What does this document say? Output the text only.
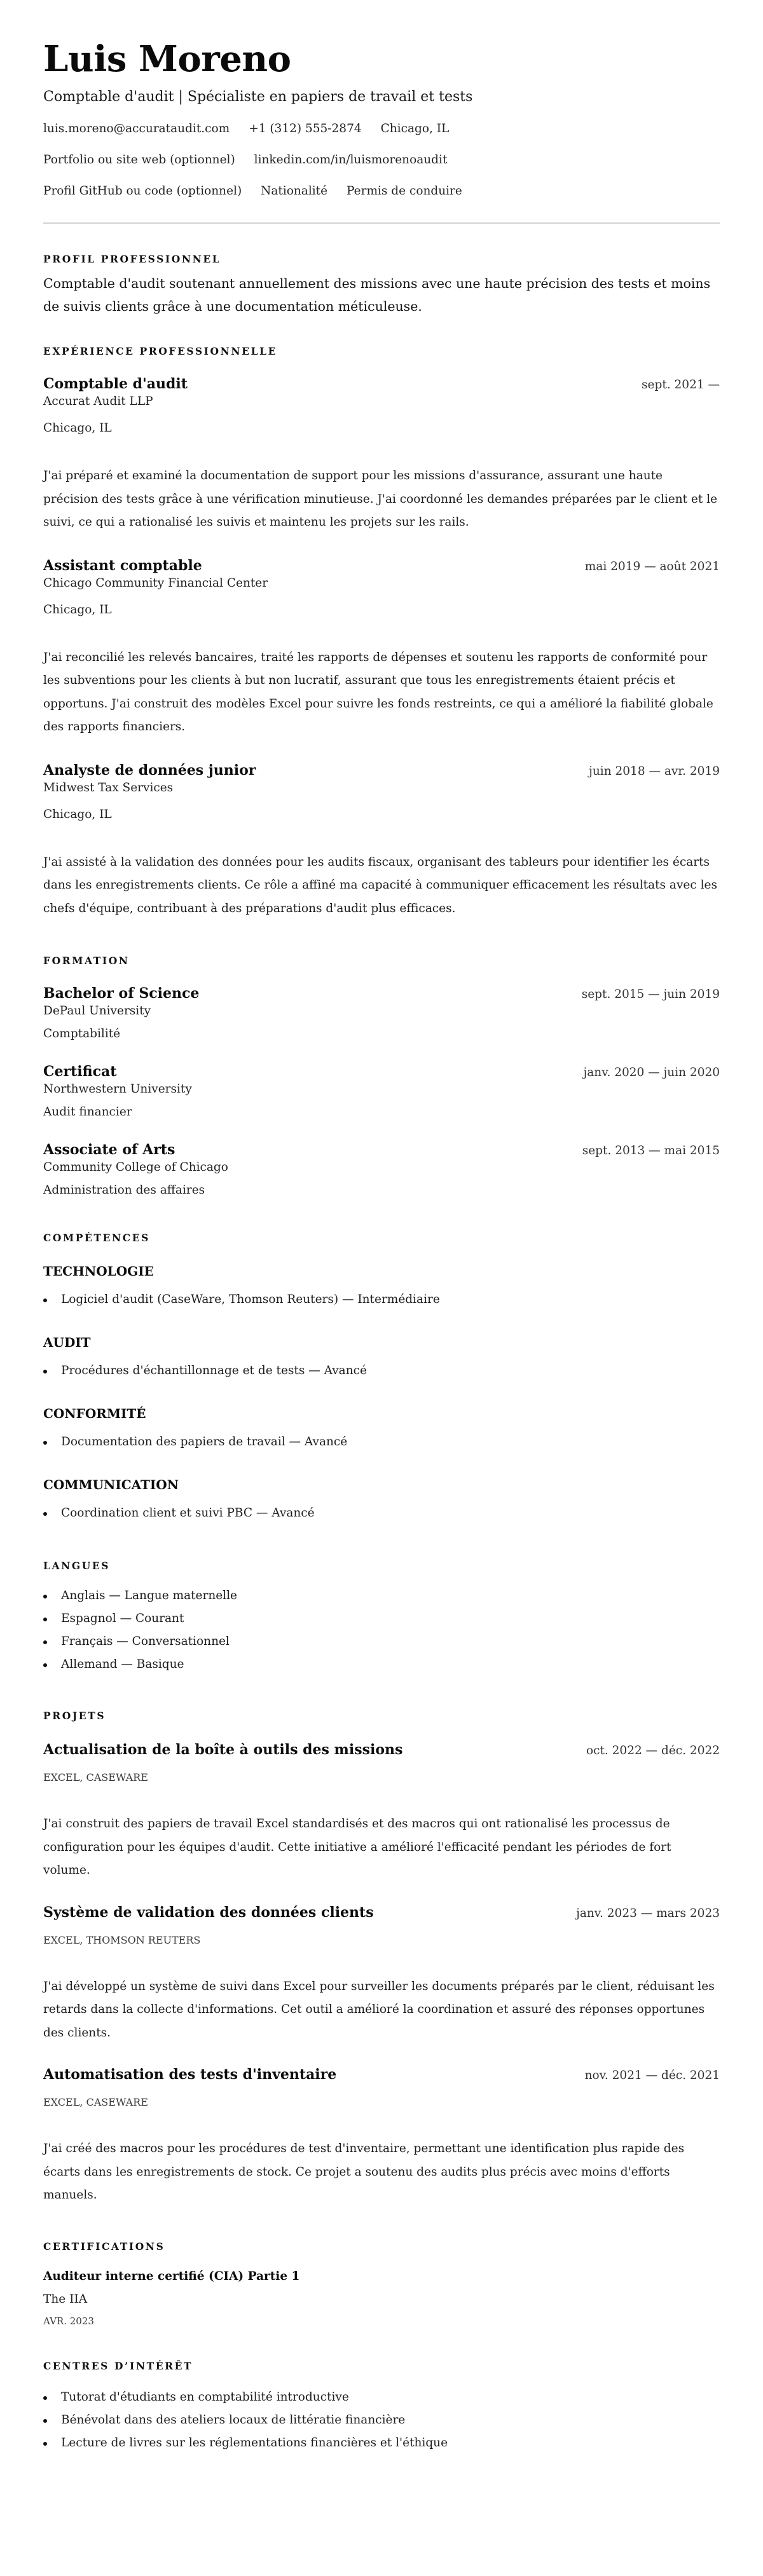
Luis Moreno
Comptable d'audit | Spécialiste en papiers de travail et tests
luis.moreno@accurataudit.com +1 (312) 555-2874 Chicago, IL
Portfolio ou site web (optionnel) linkedin.com/in/luismorenoaudit
Profil GitHub ou code (optionnel) Nationalité Permis de conduire
PROFIL PROFESSIONNEL

Comptable d'audit soutenant annuellement des missions avec une haute précision des tests et moins de suivis clients grâce à une documentation méticuleuse.

EXPÉRIENCE PROFESSIONNELLE
Comptable d'audit	sept. 2021 —
Accurat Audit LLP
Chicago, IL

J'ai préparé et examiné la documentation de support pour les missions d'assurance, assurant une haute précision des tests grâce à une vérification minutieuse. J'ai coordonné les demandes préparées par le client et le suivi, ce qui a rationalisé les suivis et maintenu les projets sur les rails.

Assistant comptable	mai 2019 — août 2021
Chicago Community Financial Center
Chicago, IL

J'ai reconcilié les relevés bancaires, traité les rapports de dépenses et soutenu les rapports de conformité pour les subventions pour les clients à but non lucratif, assurant que tous les enregistrements étaient précis et opportuns. J'ai construit des modèles Excel pour suivre les fonds restreints, ce qui a amélioré la fiabilité globale des rapports financiers.

Analyste de données junior	juin 2018 — avr. 2019
Midwest Tax Services
Chicago, IL

J'ai assisté à la validation des données pour les audits fiscaux, organisant des tableurs pour identifier les écarts dans les enregistrements clients. Ce rôle a affiné ma capacité à communiquer efficacement les résultats avec les chefs d'équipe, contribuant à des préparations d'audit plus efficaces.

FORMATION
Bachelor of Science	sept. 2015 — juin 2019
DePaul University
Comptabilité
Certificat	janv. 2020 — juin 2020
Northwestern University
Audit financier
Associate of Arts	sept. 2013 — mai 2015
Community College of Chicago
Administration des affaires
COMPÉTENCES
TECHNOLOGIE
Logiciel d'audit (CaseWare, Thomson Reuters) — Intermédiaire
AUDIT
Procédures d'échantillonnage et de tests — Avancé
CONFORMITÉ
Documentation des papiers de travail — Avancé
COMMUNICATION
Coordination client et suivi PBC — Avancé
LANGUES
Anglais — Langue maternelle
Espagnol — Courant
Français — Conversationnel
Allemand — Basique
PROJETS
Actualisation de la boîte à outils des missions	oct. 2022 — déc. 2022
EXCEL, CASEWARE

J'ai construit des papiers de travail Excel standardisés et des macros qui ont rationalisé les processus de configuration pour les équipes d'audit. Cette initiative a amélioré l'efficacité pendant les périodes de fort volume.

Système de validation des données clients	janv. 2023 — mars 2023
EXCEL, THOMSON REUTERS

J'ai développé un système de suivi dans Excel pour surveiller les documents préparés par le client, réduisant les retards dans la collecte d'informations. Cet outil a amélioré la coordination et assuré des réponses opportunes des clients.

Automatisation des tests d'inventaire	nov. 2021 — déc. 2021
EXCEL, CASEWARE

J'ai créé des macros pour les procédures de test d'inventaire, permettant une identification plus rapide des écarts dans les enregistrements de stock. Ce projet a soutenu des audits plus précis avec moins d'efforts manuels.

CERTIFICATIONS
Auditeur interne certifié (CIA) Partie 1
The IIA
AVR. 2023
CENTRES D’INTÉRÊT
Tutorat d'étudiants en comptabilité introductive
Bénévolat dans des ateliers locaux de littératie financière
Lecture de livres sur les réglementations financières et l'éthique
